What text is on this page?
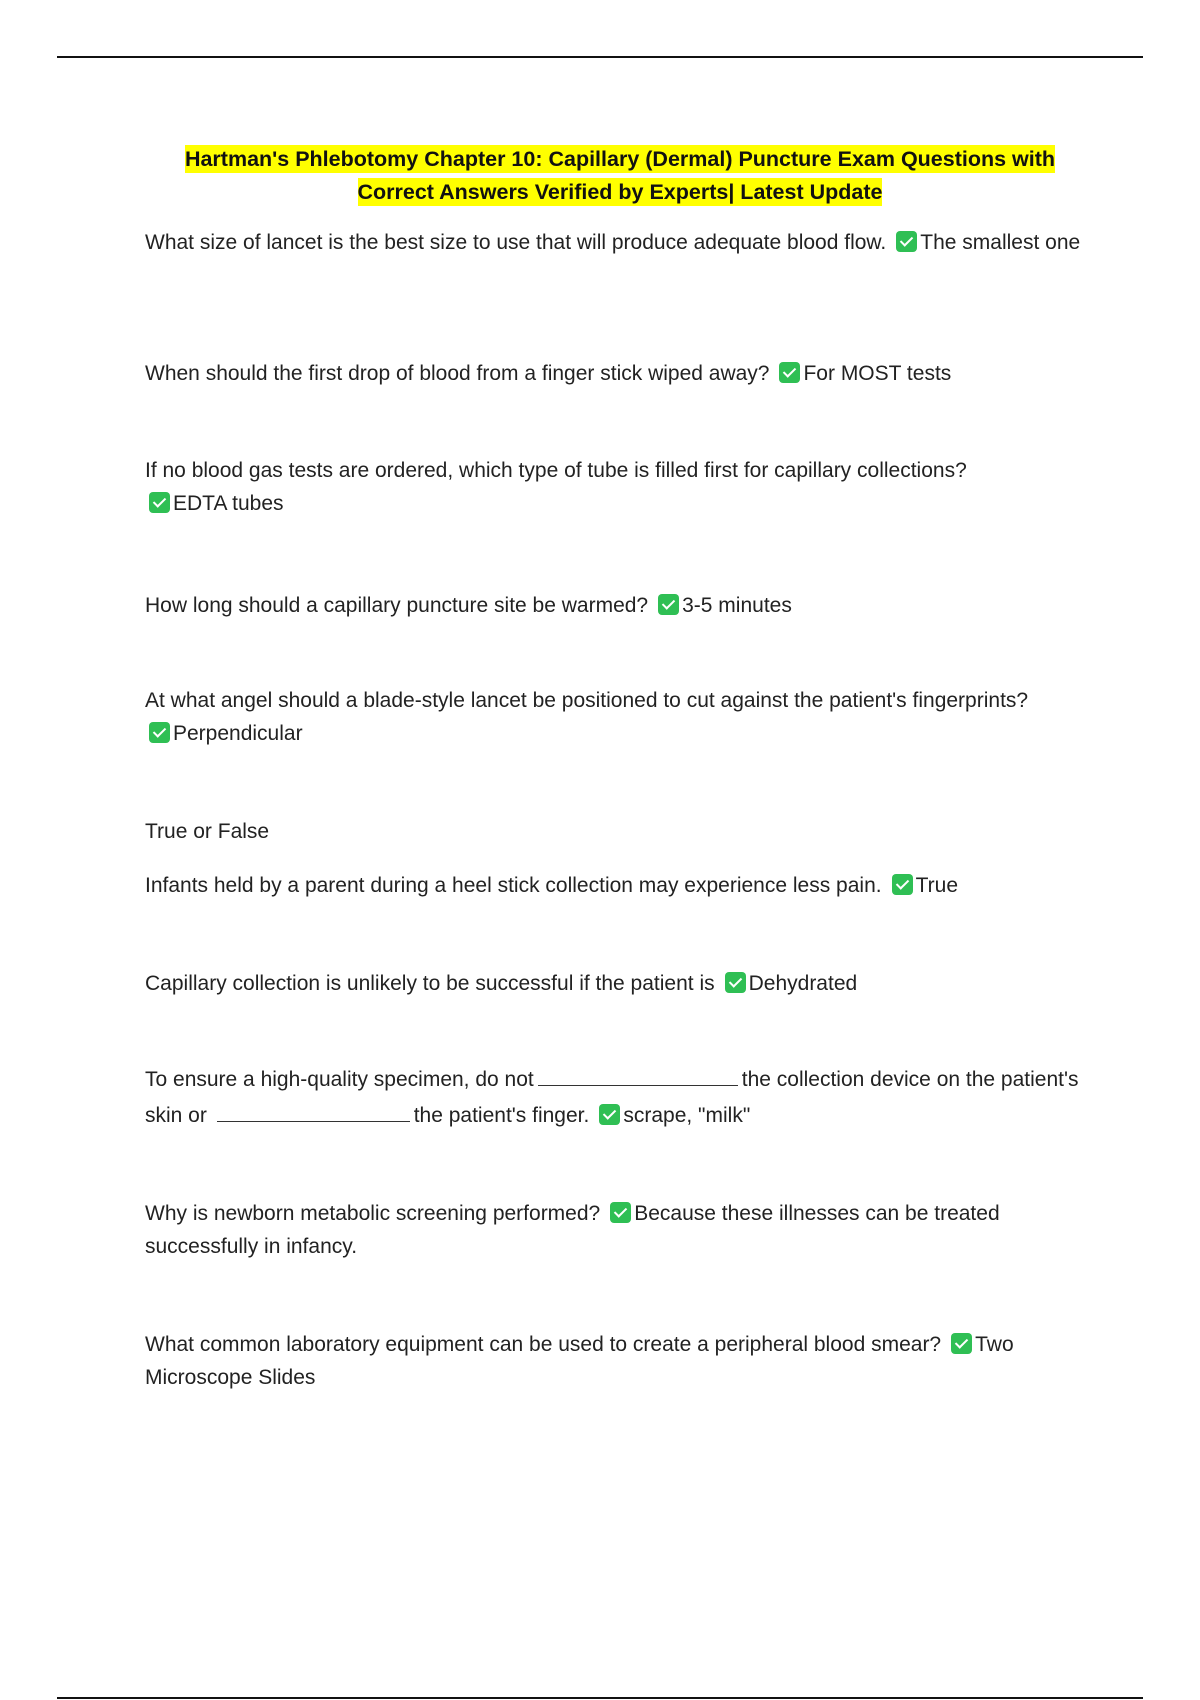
Hartman's Phlebotomy Chapter 10: Capillary (Dermal) Puncture Exam Questions with Correct Answers Verified by Experts| Latest Update
What size of lancet is the best size to use that will produce adequate blood flow. The smallest one
When should the first drop of blood from a finger stick wiped away? For MOST tests
If no blood gas tests are ordered, which type of tube is filled first for capillary collections?
EDTA tubes
How long should a capillary puncture site be warmed? 3-5 minutes
At what angel should a blade-style lancet be positioned to cut against the patient's fingerprints?
Perpendicular
True or False
Infants held by a parent during a heel stick collection may experience less pain. True
Capillary collection is unlikely to be successful if the patient is Dehydrated
To ensure a high-quality specimen, do not	the collection device on the patient's skin or	the patient's finger. scrape, "milk"
Why is newborn metabolic screening performed? Because these illnesses can be treated successfully in infancy.
What common laboratory equipment can be used to create a peripheral blood smear? Two Microscope Slides
